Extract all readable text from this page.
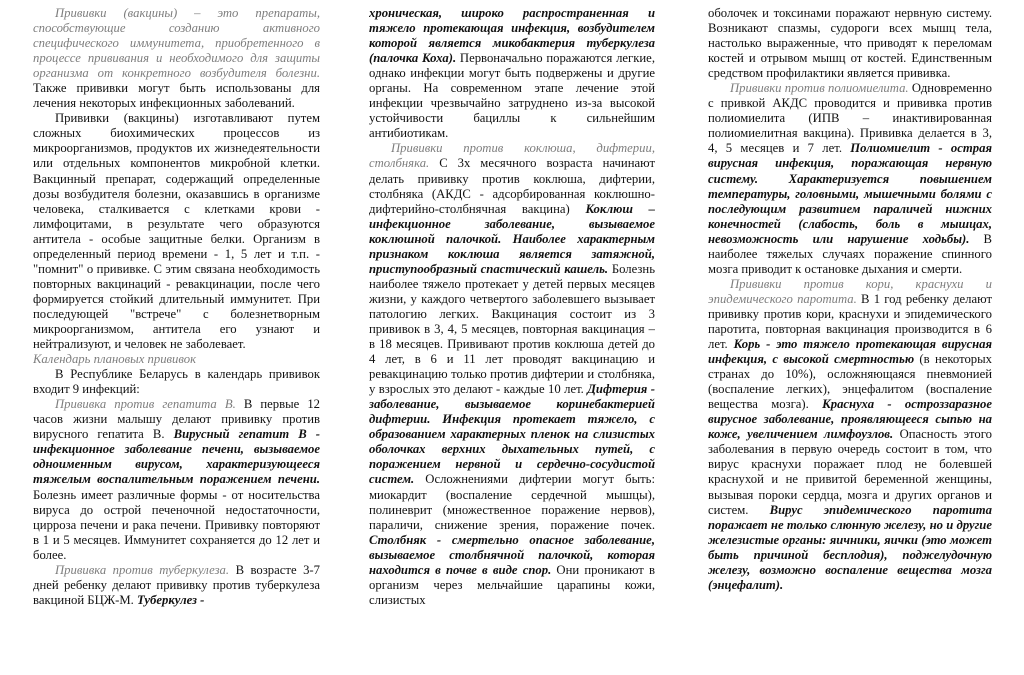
Прививки (вакцины) – это препараты, способствующие созданию активного специфического иммунитета, приобретенного в процессе прививания и необходимого для защиты организма от конкретного возбудителя болезни. Также прививки могут быть использованы для лечения некоторых инфекционных заболеваний.

Прививки (вакцины) изготавливают путем сложных биохимических процессов из микроорганизмов, продуктов их жизнедеятельности или отдельных компонентов микробной клетки. Вакцинный препарат, содержащий определенные дозы возбудителя болезни, оказавшись в организме человека, сталкивается с клетками крови - лимфоцитами, в результате чего образуются антитела - особые защитные белки. Организм в определенный период времени - 1, 5 лет и т.п. - "помнит" о прививке. С этим связана необходимость повторных вакцинаций - ревакцинации, после чего формируется стойкий длительный иммунитет. При последующей "встрече" с болезнетворным микроорганизмом, антитела его узнают и нейтрализуют, и человек не заболевает.

Календарь плановых прививок

В Республике Беларусь в календарь прививок входит 9 инфекций:

Прививка против гепатита В. В первые 12 часов жизни малышу делают прививку против вирусного гепатита В. Вирусный гепатит В - инфекционное заболевание печени, вызываемое одноименным вирусом, характеризующееся тяжелым воспалительным поражением печени. Болезнь имеет различные формы - от носительства вируса до острой печеночной недостаточности, цирроза печени и рака печени. Прививку повторяют в 1 и 5 месяцев. Иммунитет сохраняется до 12 лет и более.

Прививка против туберкулеза. В возрасте 3-7 дней ребенку делают прививку против туберкулеза вакциной БЦЖ-М. Туберкулез -

хроническая, широко распространенная и тяжело протекающая инфекция, возбудителем которой является микобактерия туберкулеза (палочка Коха). Первоначально поражаются легкие, однако инфекции могут быть подвержены и другие органы. На современном этапе лечение этой инфекции чрезвычайно затруднено из-за высокой устойчивости бациллы к сильнейшим антибиотикам.

Прививки против коклюша, дифтерии, столбняка. С 3х месячного возраста начинают делать прививку против коклюша, дифтерии, столбняка (АКДС - адсорбированная коклюшно-дифтерийно-столбнячная вакцина) Коклюш – инфекционное заболевание, вызываемое коклюшной палочкой. Наиболее характерным признаком коклюша является затяжной, приступообразный спастический кашель. Болезнь наиболее тяжело протекает у детей первых месяцев жизни, у каждого четвертого заболевшего вызывает патологию легких. Вакцинация состоит из 3 прививок в 3, 4, 5 месяцев, повторная вакцинация – в 18 месяцев. Прививают против коклюша детей до 4 лет, в 6 и 11 лет проводят вакцинацию и ревакцинацию только против дифтерии и столбняка, у взрослых это делают - каждые 10 лет. Дифтерия - заболевание, вызываемое коринебактерией дифтерии. Инфекция протекает тяжело, с образованием характерных пленок на слизистых оболочках верхних дыхательных путей, с поражением нервной и сердечно-сосудистой систем. Осложнениями дифтерии могут быть: миокардит (воспаление сердечной мышцы), полиневрит (множественное поражение нервов), параличи, снижение зрения, поражение почек. Столбняк - смертельно опасное заболевание, вызываемое столбнячной палочкой, которая находится в почве в виде спор. Они проникают в организм через мельчайшие царапины кожи, слизистых

оболочек и токсинами поражают нервную систему. Возникают спазмы, судороги всех мышц тела, настолько выраженные, что приводят к переломам костей и отрывом мышц от костей. Единственным средством профилактики является прививка.

Прививки против полиомиелита. Одновременно с привкой АКДС проводится и прививка против полиомиелита (ИПВ – инактивированная полиомиелитная вакцина). Прививка делается в 3, 4, 5 месяцев и 7 лет. Полиомиелит - острая вирусная инфекция, поражающая нервную систему. Характеризуется повышением температуры, головными, мышечными болями с последующим развитием параличей нижних конечностей (слабость, боль в мышцах, невозможность или нарушение ходьбы). В наиболее тяжелых случаях поражение спинного мозга приводит к остановке дыхания и смерти.

Прививки против кори, краснухи и эпидемического паротита. В 1 год ребенку делают прививку против кори, краснухи и эпидемического паротита, повторная вакцинация производится в 6 лет. Корь - это тяжело протекающая вирусная инфекция, с высокой смертностью (в некоторых странах до 10%), осложняющаяся пневмонией (воспаление легких), энцефалитом (воспаление вещества мозга). Краснуха - остроззаразное вирусное заболевание, проявляющееся сыпью на коже, увеличением лимфоузлов. Опасность этого заболевания в первую очередь состоит в том, что вирус краснухи поражает плод не болевшей краснухой и не привитой беременной женщины, вызывая пороки сердца, мозга и других органов и систем. Вирус эпидемического паротита поражает не только слюнную железу, но и другие железистые органы: яичники, яички (это может быть причиной бесплодия), поджелудочную железу, возможно воспаление вещества мозга (энцефалит).
